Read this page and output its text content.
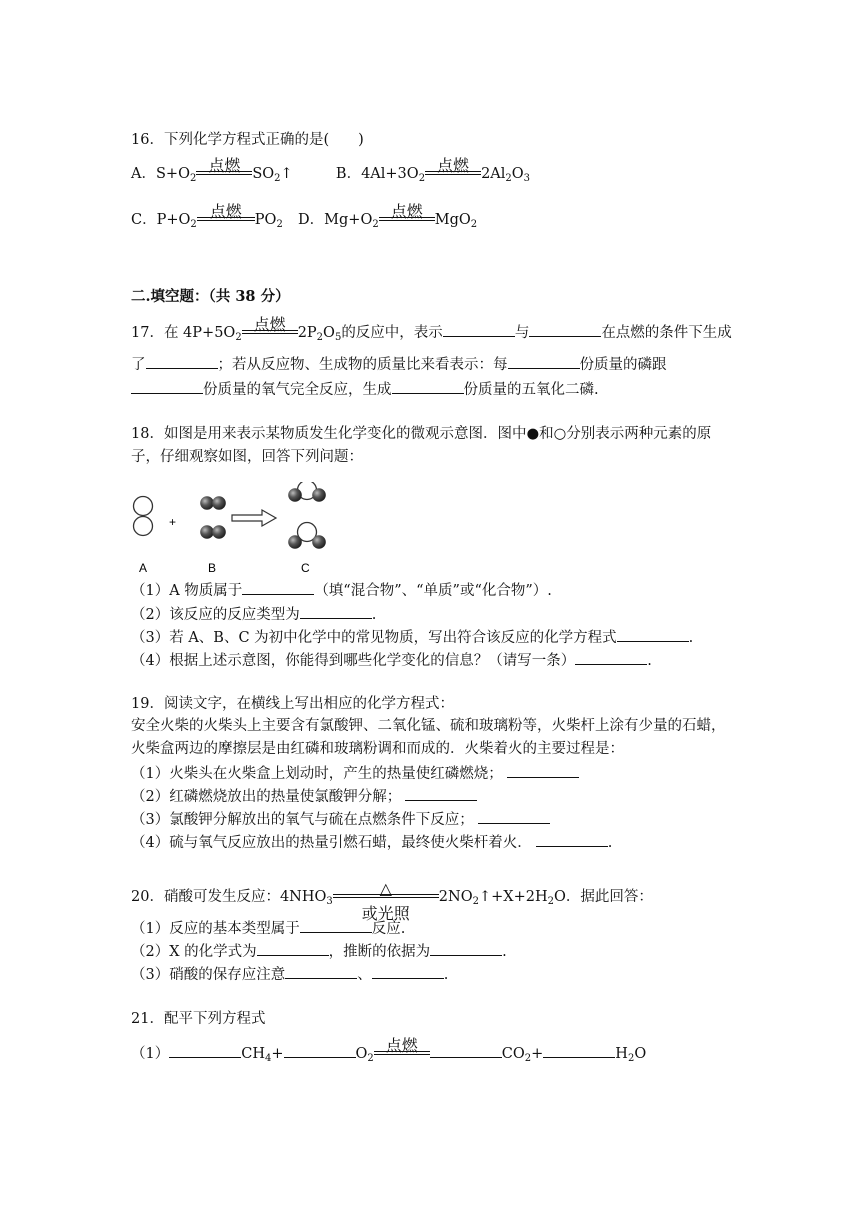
16．下列化学方程式正确的是(　　)
A．$S+O_2$
点燃 $SO_2↑$	B．$4Al+3O_2$
点燃 $2Al_2O_3$
C．$P+O_2$
点燃 $PO_2$ D．$Mg+O_2$
点燃 MgO$_2$
二.填空题：（共 38 分）
17．在 $4P+5O_2$
点燃 $2P_2O_5$的反应中，表示	与	在点燃的条件下生成
了	；若从反应物、生成物的质量比来看表示：每	份质量的磷跟
份质量的氧气完全反应，生成	份质量的五氧化二磷.
18．如图是用来表示某物质发生化学变化的微观示意图．图中●和○分别表示两种元素的原
子，仔细观察如图，回答下列问题：
+
A	B	C
（1）A 物质属于	（填“混合物”、“单质”或“化合物”）.
（2）该反应的反应类型为	.
（3）若 A、B、C 为初中化学中的常见物质，写出符合该反应的化学方程式	.
（4）根据上述示意图，你能得到哪些化学变化的信息？（请写一条）	.
19．阅读文字，在横线上写出相应的化学方程式：
安全火柴的火柴头上主要含有氯酸钾、二氧化锰、硫和玻璃粉等，火柴杆上涂有少量的石蜡，
火柴盒两边的摩擦层是由红磷和玻璃粉调和而成的．火柴着火的主要过程是：
（1）火柴头在火柴盒上划动时，产生的热量使红磷燃烧；
（2）红磷燃烧放出的热量使氯酸钾分解；
（3）氯酸钾分解放出的氧气与硫在点燃条件下反应；
（4）硫与氧气反应放出的热量引燃石蜡，最终使火柴杆着火．	.
20．硝酸可发生反应：$4NHO_3$
△
或光照
$2NO_2↑+X+2H_2O$．据此回答：
（1）反应的基本类型属于	反应.
（2）X 的化学式为	，推断的依据为	.
（3）硝酸的保存应注意	、	.
21．配平下列方程式
（1）	$CH_4+$	$O_2$
点燃	$CO_2+$	$H_2O$
